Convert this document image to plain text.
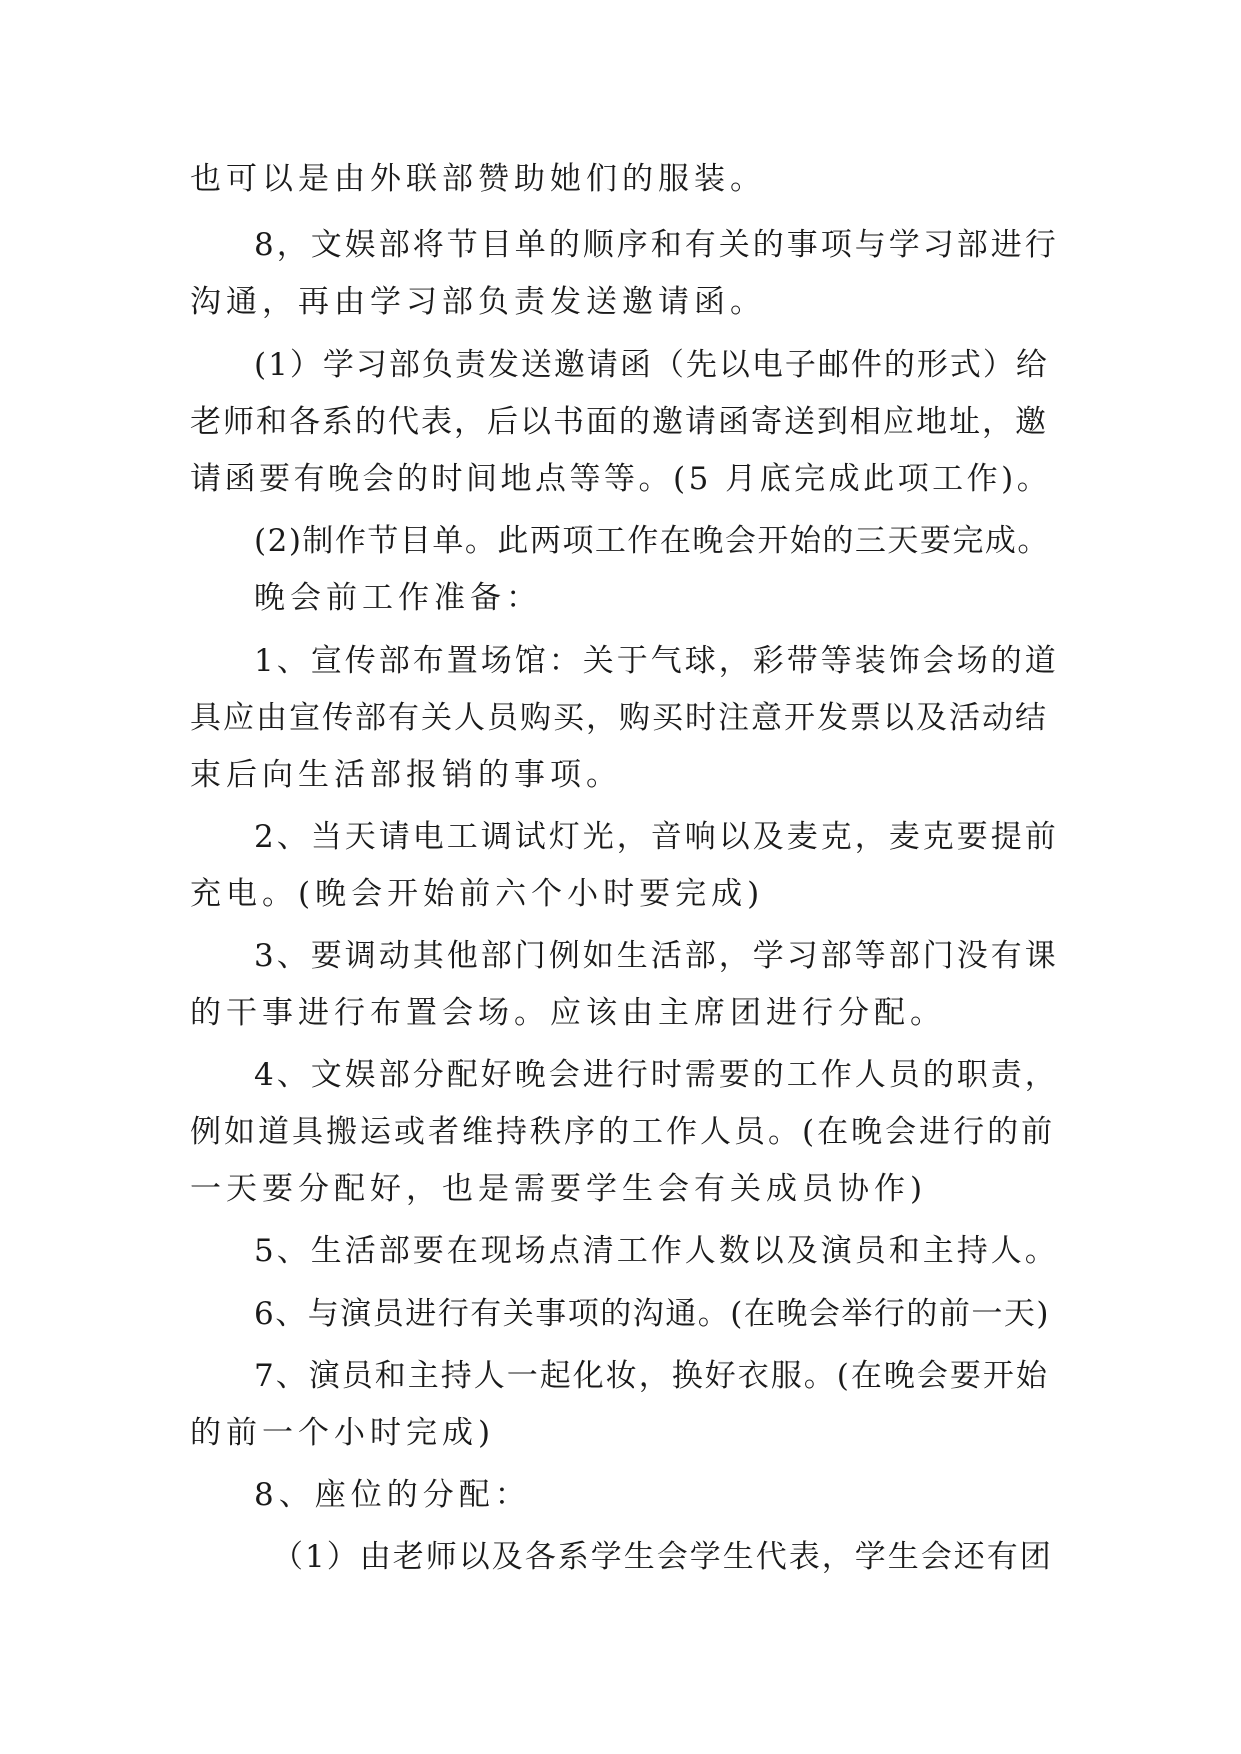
也可以是由外联部赞助她们的服装。
8，文娱部将节目单的顺序和有关的事项与学习部进行
沟通，再由学习部负责发送邀请函。
(1）学习部负责发送邀请函（先以电子邮件的形式）给
老师和各系的代表，后以书面的邀请函寄送到相应地址，邀
请函要有晚会的时间地点等等。(5 月底完成此项工作)。
(2)制作节目单。此两项工作在晚会开始的三天要完成。
晚会前工作准备：
1、宣传部布置场馆：关于气球，彩带等装饰会场的道
具应由宣传部有关人员购买，购买时注意开发票以及活动结
束后向生活部报销的事项。
2、当天请电工调试灯光，音响以及麦克，麦克要提前
充电。(晚会开始前六个小时要完成)
3、要调动其他部门例如生活部，学习部等部门没有课
的干事进行布置会场。应该由主席团进行分配。
4、文娱部分配好晚会进行时需要的工作人员的职责，
例如道具搬运或者维持秩序的工作人员。(在晚会进行的前
一天要分配好，也是需要学生会有关成员协作)
5、生活部要在现场点清工作人数以及演员和主持人。
6、与演员进行有关事项的沟通。(在晚会举行的前一天)
7、演员和主持人一起化妆，换好衣服。(在晚会要开始
的前一个小时完成)
8、座位的分配：
（1）由老师以及各系学生会学生代表，学生会还有团
